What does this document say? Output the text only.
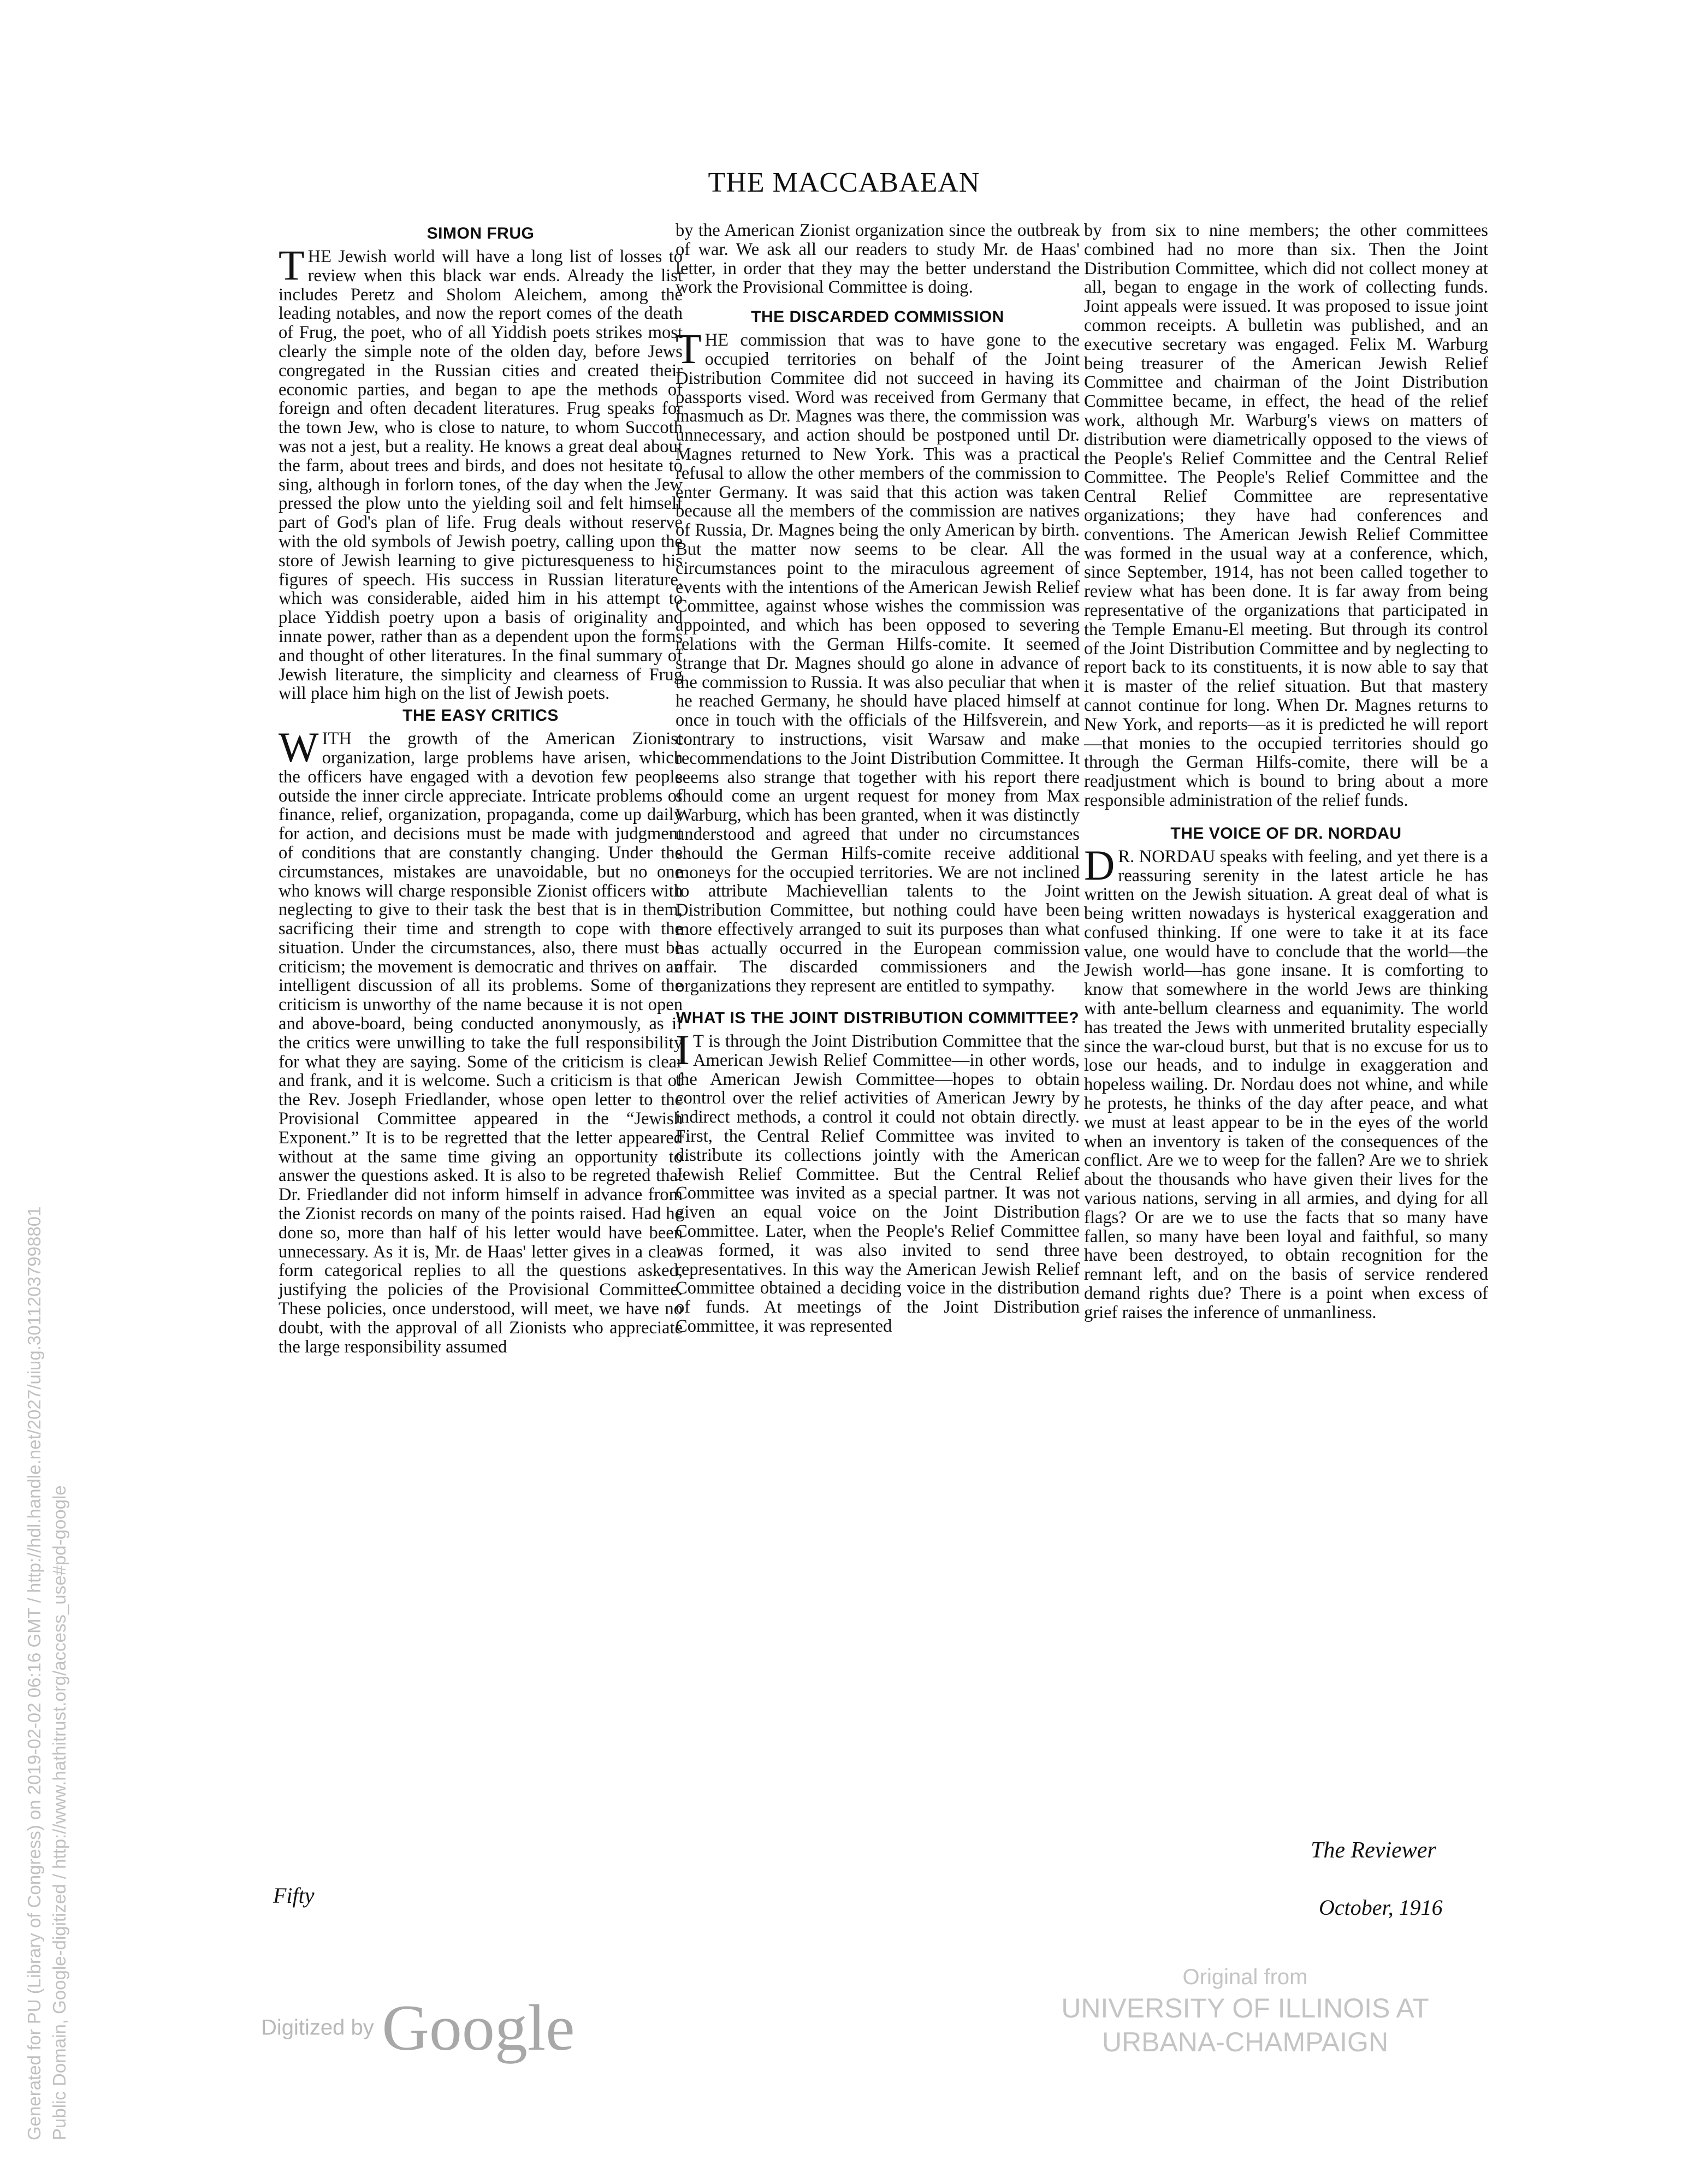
THE MACCABAEAN
SIMON FRUG

THE Jewish world will have a long list of losses to review when this black war ends. Already the list includes Peretz and Sholom Aleichem, among the leading notables, and now the report comes of the death of Frug, the poet, who of all Yiddish poets strikes most clearly the simple note of the olden day, before Jews congregated in the Russian cities and created their economic parties, and began to ape the methods of foreign and often decadent literatures. Frug speaks for the town Jew, who is close to nature, to whom Succoth was not a jest, but a reality. He knows a great deal about the farm, about trees and birds, and does not hesitate to sing, although in forlorn tones, of the day when the Jew pressed the plow unto the yielding soil and felt himself part of God's plan of life. Frug deals without reserve with the old symbols of Jewish poetry, calling upon the store of Jewish learning to give picturesqueness to his figures of speech. His success in Russian literature, which was considerable, aided him in his attempt to place Yiddish poetry upon a basis of originality and innate power, rather than as a dependent upon the forms and thought of other literatures. In the final summary of Jewish literature, the simplicity and clearness of Frug will place him high on the list of Jewish poets.

THE EASY CRITICS

WITH the growth of the American Zionist organization, large problems have arisen, which the officers have engaged with a devotion few people outside the inner circle appreciate. Intricate problems of finance, relief, organization, propaganda, come up daily for action, and decisions must be made with judgment of conditions that are constantly changing. Under the circumstances, mistakes are unavoidable, but no one who knows will charge responsible Zionist officers with neglecting to give to their task the best that is in them, sacrificing their time and strength to cope with the situation. Under the circumstances, also, there must be criticism; the movement is democratic and thrives on an intelligent discussion of all its problems. Some of the criticism is unworthy of the name because it is not open and above-board, being conducted anonymously, as if the critics were unwilling to take the full responsibility for what they are saying. Some of the criticism is clear and frank, and it is welcome. Such a criticism is that of the Rev. Joseph Friedlander, whose open letter to the Provisional Committee appeared in the “Jewish Exponent.” It is to be regretted that the letter appeared without at the same time giving an opportunity to answer the questions asked. It is also to be regreted that Dr. Friedlander did not inform himself in advance from the Zionist records on many of the points raised. Had he done so, more than half of his letter would have been unnecessary. As it is, Mr. de Haas' letter gives in a clear form categorical replies to all the questions asked, justifying the policies of the Provisional Committee. These policies, once understood, will meet, we have no doubt, with the approval of all Zionists who appreciate the large responsibility assumed

by the American Zionist organization since the outbreak of war. We ask all our readers to study Mr. de Haas' letter, in order that they may the better understand the work the Provisional Committee is doing.

THE DISCARDED COMMISSION

THE commission that was to have gone to the occupied territories on behalf of the Joint Distribution Commitee did not succeed in having its passports vised. Word was received from Germany that inasmuch as Dr. Magnes was there, the commission was unnecessary, and action should be postponed until Dr. Magnes returned to New York. This was a practical refusal to allow the other members of the commission to enter Germany. It was said that this action was taken because all the members of the commission are natives of Russia, Dr. Magnes being the only American by birth. But the matter now seems to be clear. All the circumstances point to the miraculous agreement of events with the intentions of the American Jewish Relief Committee, against whose wishes the commission was appointed, and which has been opposed to severing relations with the German Hilfs-comite. It seemed strange that Dr. Magnes should go alone in advance of the commission to Russia. It was also peculiar that when he reached Germany, he should have placed himself at once in touch with the officials of the Hilfsverein, and contrary to instructions, visit Warsaw and make recommendations to the Joint Distribution Committee. It seems also strange that together with his report there should come an urgent request for money from Max Warburg, which has been granted, when it was distinctly understood and agreed that under no circumstances should the German Hilfs-comite receive additional moneys for the occupied territories. We are not inclined to attribute Machievellian talents to the Joint Distribution Committee, but nothing could have been more effectively arranged to suit its purposes than what has actually occurred in the European commission affair. The discarded commissioners and the organizations they represent are entitled to sympathy.

WHAT IS THE JOINT DISTRIBUTION COMMITTEE?

I T is through the Joint Distribution Committee that the American Jewish Relief Committee—in other words, the American Jewish Committee—hopes to obtain control over the relief activities of American Jewry by indirect methods, a control it could not obtain directly. First, the Central Relief Committee was invited to distribute its collections jointly with the American Jewish Relief Committee. But the Central Relief Committee was invited as a special partner. It was not given an equal voice on the Joint Distribution Committee. Later, when the People's Relief Committee was formed, it was also invited to send three representatives. In this way the American Jewish Relief Committee obtained a deciding voice in the distribution of funds. At meetings of the Joint Distribution Committee, it was represented

by from six to nine members; the other committees combined had no more than six. Then the Joint Distribution Committee, which did not collect money at all, began to engage in the work of collecting funds. Joint appeals were issued. It was proposed to issue joint common receipts. A bulletin was published, and an executive secretary was engaged. Felix M. Warburg being treasurer of the American Jewish Relief Committee and chairman of the Joint Distribution Committee became, in effect, the head of the relief work, although Mr. Warburg's views on matters of distribution were diametrically opposed to the views of the People's Relief Committee and the Central Relief Committee. The People's Relief Committee and the Central Relief Committee are representative organizations; they have had conferences and conventions. The American Jewish Relief Committee was formed in the usual way at a conference, which, since September, 1914, has not been called together to review what has been done. It is far away from being representative of the organizations that participated in the Temple Emanu-El meeting. But through its control of the Joint Distribution Committee and by neglecting to report back to its constituents, it is now able to say that it is master of the relief situation. But that mastery cannot continue for long. When Dr. Magnes returns to New York, and reports—as it is predicted he will report—that monies to the occupied territories should go through the German Hilfs-comite, there will be a readjustment which is bound to bring about a more responsible administration of the relief funds.

THE VOICE OF DR. NORDAU

D R. NORDAU speaks with feeling, and yet there is a reassuring serenity in the latest article he has written on the Jewish situation. A great deal of what is being written nowadays is hysterical exaggeration and confused thinking. If one were to take it at its face value, one would have to conclude that the world—the Jewish world—has gone insane. It is comforting to know that somewhere in the world Jews are thinking with ante-bellum clearness and equanimity. The world has treated the Jews with unmerited brutality especially since the war-cloud burst, but that is no excuse for us to lose our heads, and to indulge in exaggeration and hopeless wailing. Dr. Nordau does not whine, and while he protests, he thinks of the day after peace, and what we must at least appear to be in the eyes of the world when an inventory is taken of the consequences of the conflict. Are we to weep for the fallen? Are we to shriek about the thousands who have given their lives for the various nations, serving in all armies, and dying for all flags? Or are we to use the facts that so many have fallen, so many have been loyal and faithful, so many have been destroyed, to obtain recognition for the remnant left, and on the basis of service rendered demand rights due? There is a point when excess of grief raises the inference of unmanliness.

The Reviewer
October, 1916
Fifty
Digitized by Google
Original from
UNIVERSITY OF ILLINOIS AT
URBANA-CHAMPAIGN
Generated for PU (Library of Congress) on 2019-02-02 06:16 GMT / http://hdl.handle.net/2027/uiug.30112037998801 Public Domain, Google-digitized / http://www.hathitrust.org/access_use#pd-google
